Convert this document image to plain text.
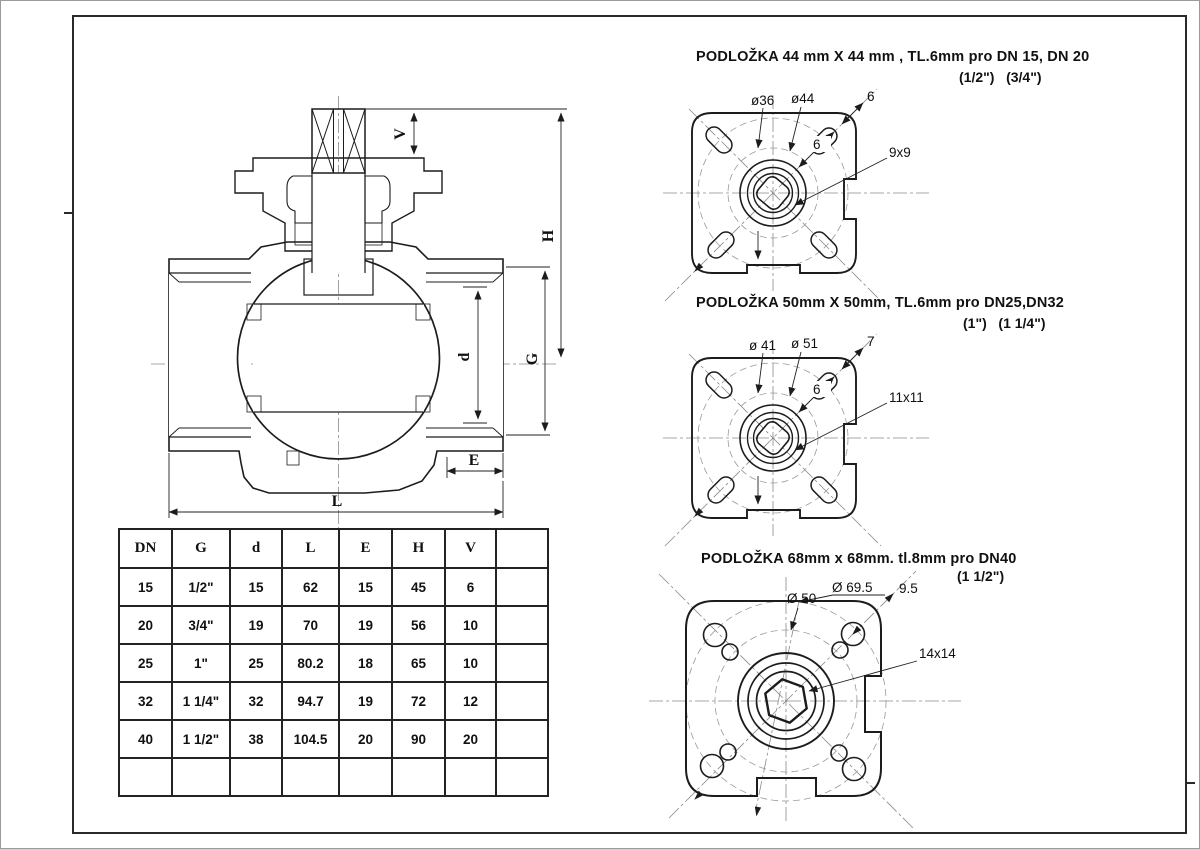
V
H
G
d
E
L
PODLOŽKA 44 mm X 44 mm , TL.6mm pro DN 15, DN 20
(1/2")   (3/4")
ø36 ø44	6
6
9x9
PODLOŽKA 50mm X 50mm, TL.6mm pro DN25,DN32
(1")   (1 1/4")
ø 41 ø 51	7
6
11x11
PODLOŽKA 68mm x 68mm. tl.8mm pro DN40
(1 1/2")
Ø 50
Ø 69.5 9.5
14x14
DN	G	d	L	E	H	V	
15	1/2"	15	62	15	45	6	
20	3/4"	19	70	19	56	10	
25	1"	25	80.2	18	65	10	
32	1 1/4"	32	94.7	19	72	12	
40	1 1/2"	38	104.5	20	90	20	
